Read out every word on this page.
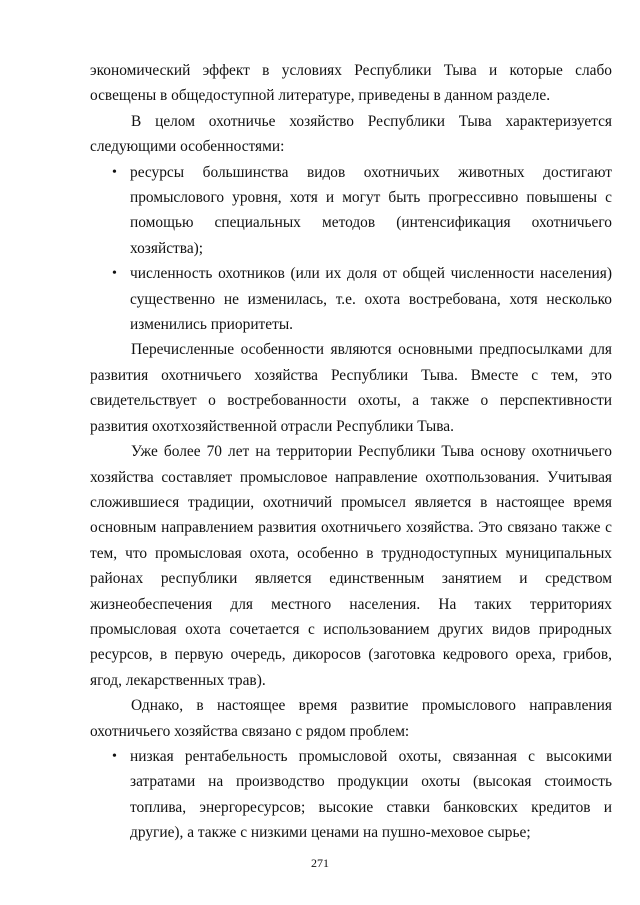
экономический эффект в условиях Республики Тыва и которые слабо освещены в общедоступной литературе, приведены в данном разделе.

В целом охотничье хозяйство Республики Тыва характеризуется следующими особенностями:

• ресурсы большинства видов охотничьих животных достигают промыслового уровня, хотя и могут быть прогрессивно повышены с помощью специальных методов (интенсификация охотничьего хозяйства);
• численность охотников (или их доля от общей численности населения) существенно не изменилась, т.е. охота востребована, хотя несколько изменились приоритеты.

Перечисленные особенности являются основными предпосылками для развития охотничьего хозяйства Республики Тыва. Вместе с тем, это свидетельствует о востребованности охоты, а также о перспективности развития охотхозяйственной отрасли Республики Тыва.

Уже более 70 лет на территории Республики Тыва основу охотничьего хозяйства составляет промысловое направление охотпользования. Учитывая сложившиеся традиции, охотничий промысел является в настоящее время основным направлением развития охотничьего хозяйства. Это связано также с тем, что промысловая охота, особенно в труднодоступных муниципальных районах республики является единственным занятием и средством жизнеобеспечения для местного населения. На таких территориях промысловая охота сочетается с использованием других видов природных ресурсов, в первую очередь, дикоросов (заготовка кедрового ореха, грибов, ягод, лекарственных трав).

Однако, в настоящее время развитие промыслового направления охотничьего хозяйства связано с рядом проблем:

• низкая рентабельность промысловой охоты, связанная с высокими затратами на производство продукции охоты (высокая стоимость топлива, энергоресурсов; высокие ставки банковских кредитов и другие), а также с низкими ценами на пушно-меховое сырье;
271
